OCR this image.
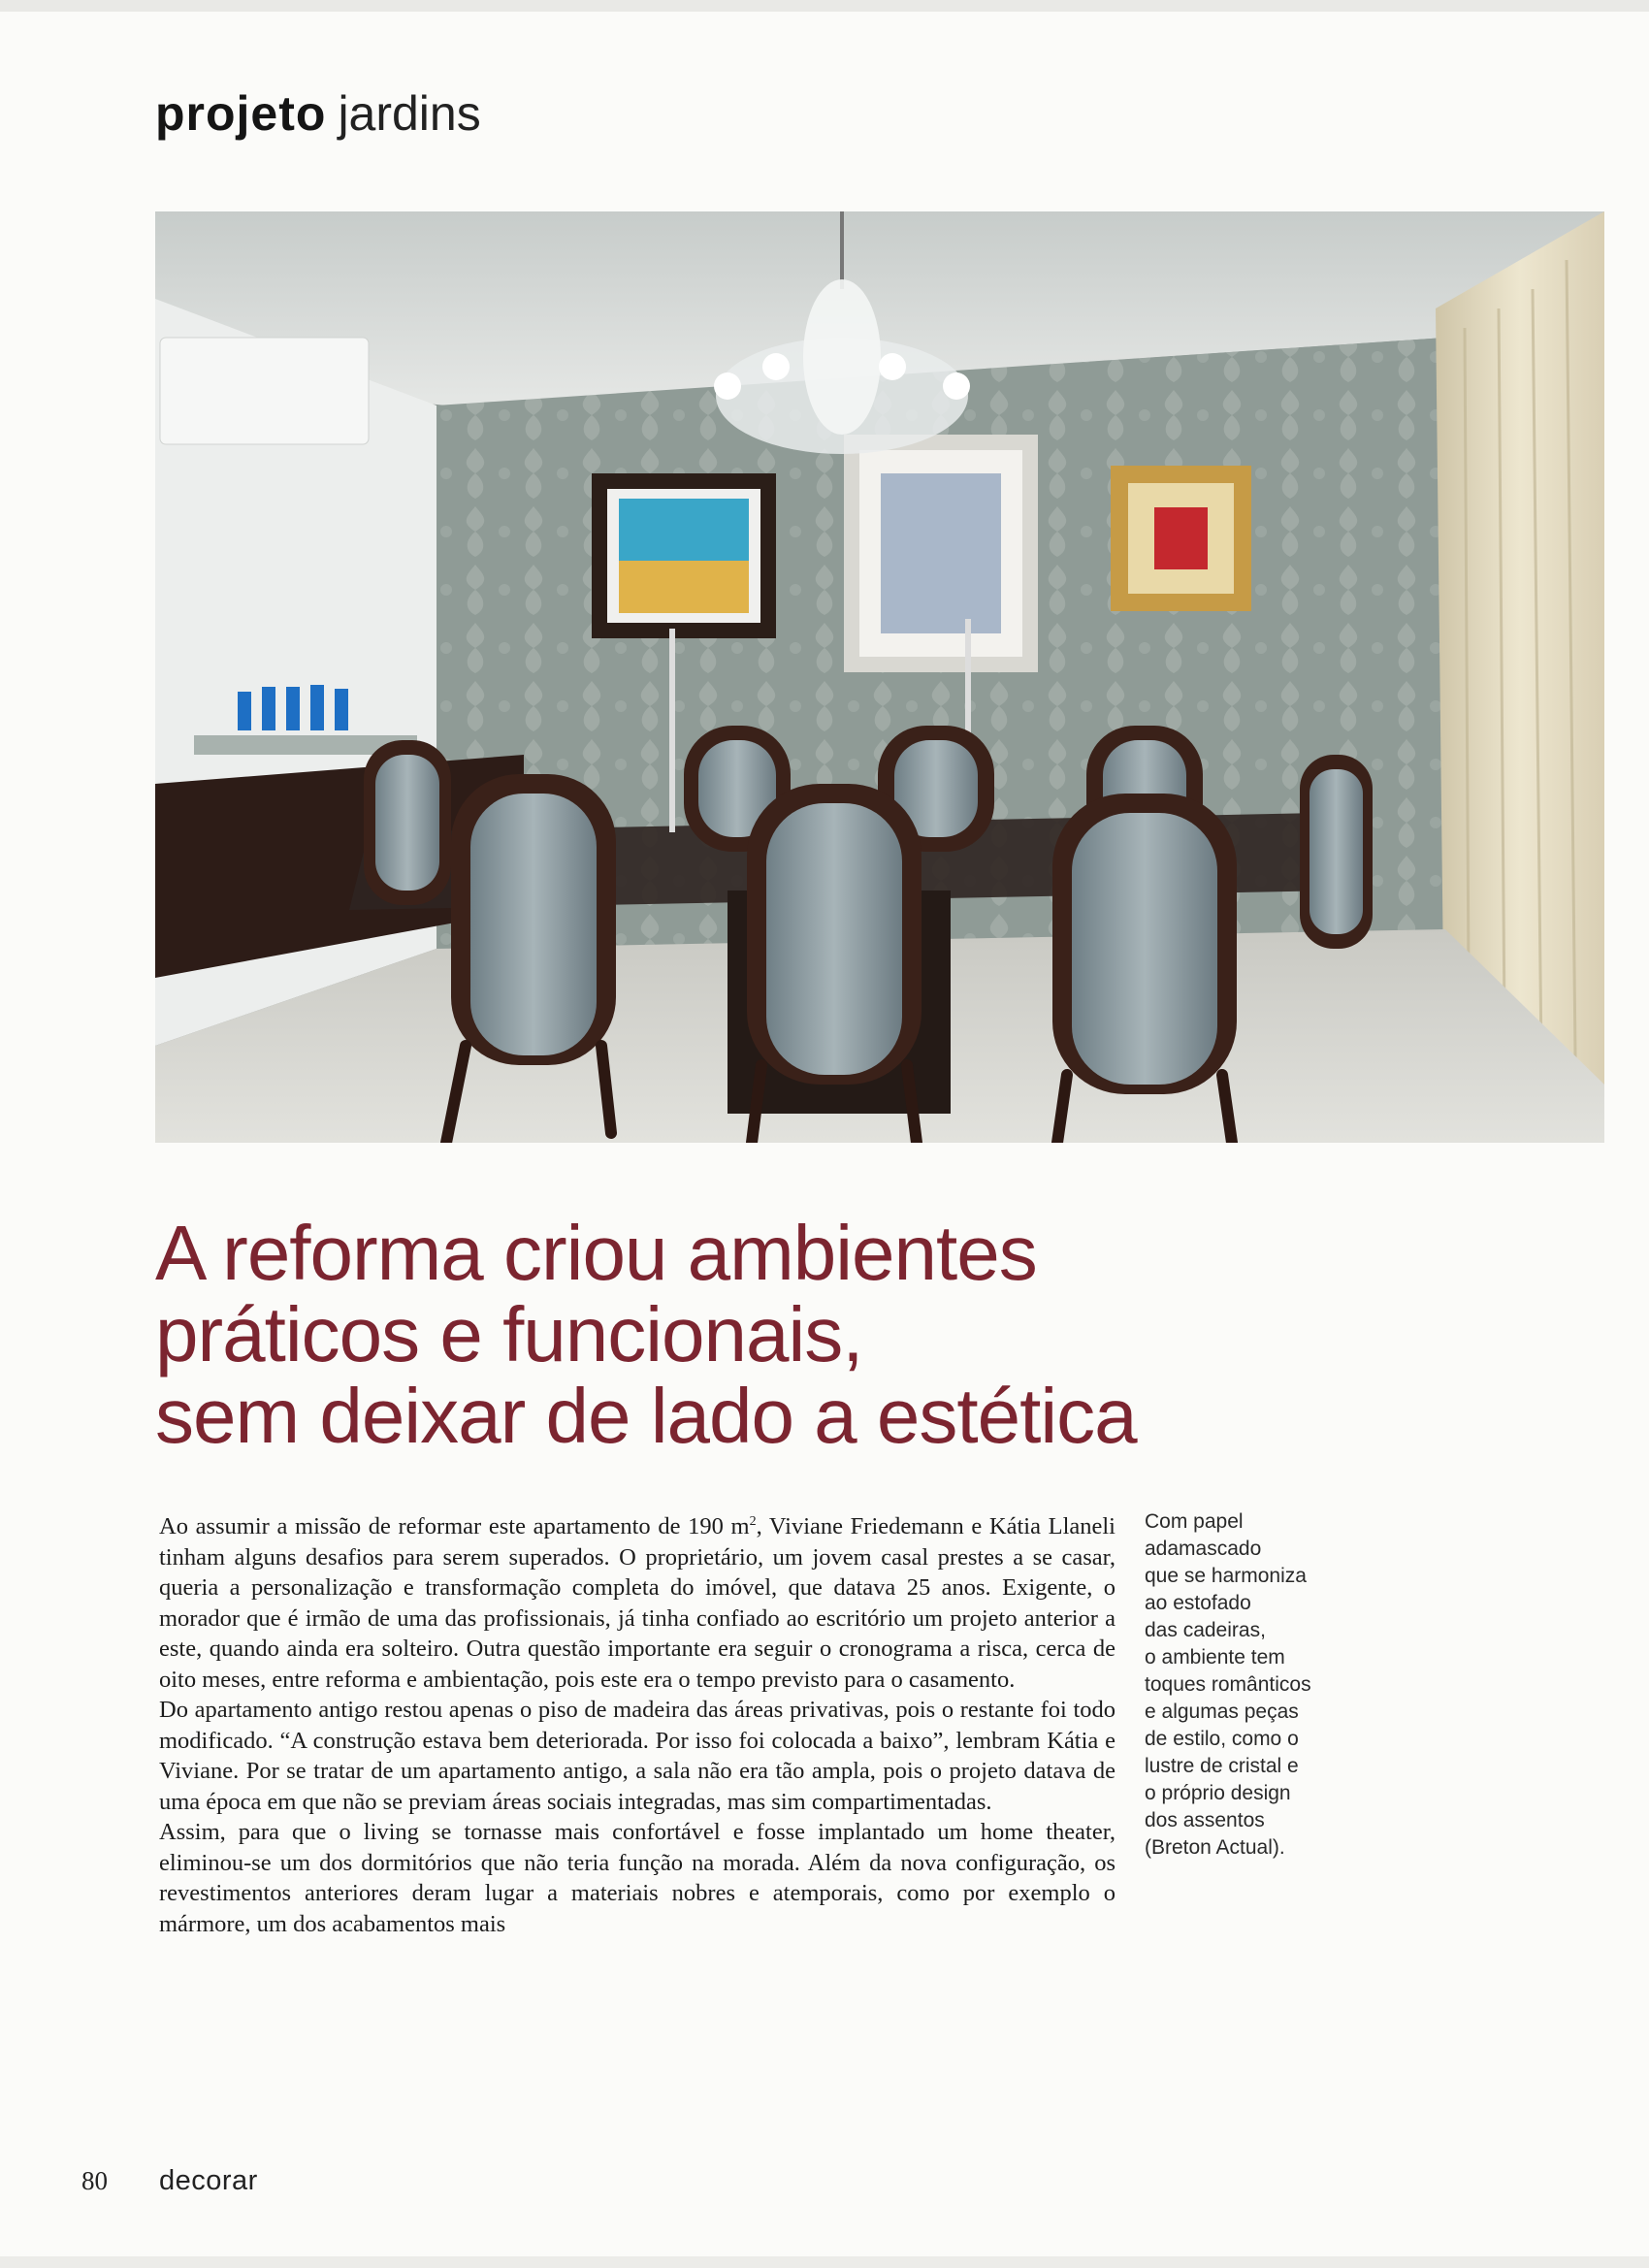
projeto jardins
A reforma criou ambientes
práticos e funcionais,
sem deixar de lado a estética

Ao assumir a missão de reformar este apartamento de 190 $m^2$, Viviane Friedemann e Kátia Llaneli tinham alguns desafios para serem superados. O proprietário, um jovem casal prestes a se casar, queria a personalização e transformação completa do imóvel, que datava 25 anos. Exigente, o morador que é irmão de uma das profissionais, já tinha confiado ao escritório um projeto anterior a este, quando ainda era solteiro. Outra questão importante era seguir o cronograma a risca, cerca de oito meses, entre reforma e ambientação, pois este era o tempo previsto para o casamento.

Do apartamento antigo restou apenas o piso de madeira das áreas privativas, pois o restante foi todo modificado. “A construção estava bem deteriorada. Por isso foi colocada a baixo”, lembram Kátia e Viviane. Por se tratar de um apartamento antigo, a sala não era tão ampla, pois o projeto datava de uma época em que não se previam áreas sociais integradas, mas sim compartimentadas.

Assim, para que o living se tornasse mais confortável e fosse implantado um home theater, eliminou-se um dos dormitórios que não teria função na morada. Além da nova configuração, os revestimentos anteriores deram lugar a materiais nobres e atemporais, como por exemplo o mármore, um dos acabamentos mais

Com papel
adamascado
que se harmoniza
ao estofado
das cadeiras,
o ambiente tem
toques românticos
e algumas peças
de estilo, como o
lustre de cristal e
o próprio design
dos assentos
(Breton Actual).
80 decorar
